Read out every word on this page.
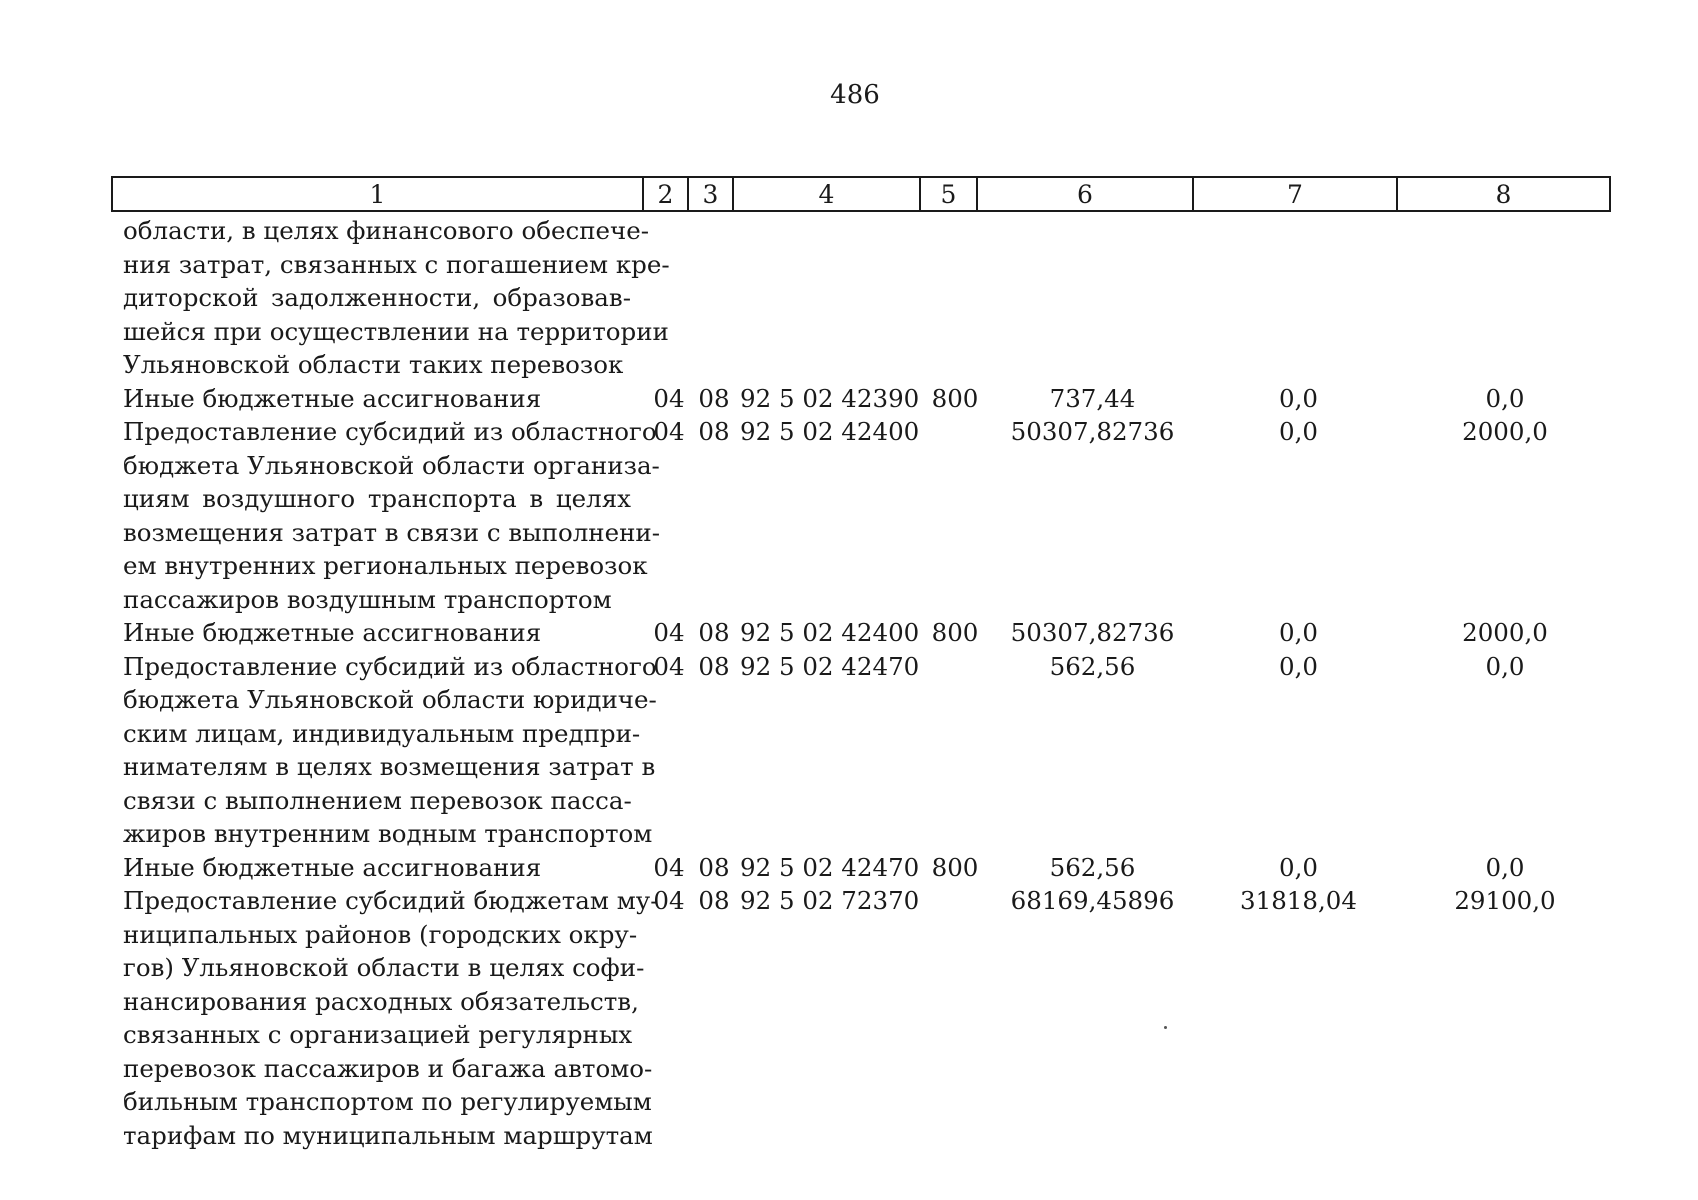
486
1	2	3	4	5	6	7	8
области, в целях финансового обеспече-
ния затрат, связанных с погашением кре-
диторской задолженности, образовав-
шейся при осуществлении на территории
Ульяновской области таких перевозок
Иные бюджетные ассигнования	04 08 92 5 02 42390 800	737,44	0,0	0,0
Предоставление субсидий из областного
бюджета Ульяновской области организа-
циям воздушного транспорта в целях
возмещения затрат в связи с выполнени-
ем внутренних региональных перевозок
пассажиров воздушным транспортом
04 08 92 5 02 42400	50307,82736	0,0	2000,0
Иные бюджетные ассигнования	04 08 92 5 02 42400 800	50307,82736	0,0	2000,0
Предоставление субсидий из областного
бюджета Ульяновской области юридиче-
ским лицам, индивидуальным предпри-
нимателям в целях возмещения затрат в
связи с выполнением перевозок пасса-
жиров внутренним водным транспортом
04 08 92 5 02 42470	562,56	0,0	0,0
Иные бюджетные ассигнования	04 08 92 5 02 42470 800	562,56	0,0	0,0
Предоставление субсидий бюджетам му-
ниципальных районов (городских окру-
гов) Ульяновской области в целях софи-
нансирования расходных обязательств,
связанных с организацией регулярных
перевозок пассажиров и багажа автомо-
бильным транспортом по регулируемым
тарифам по муниципальным маршрутам
04 08 92 5 02 72370	68169,45896	31818,04	29100,0
